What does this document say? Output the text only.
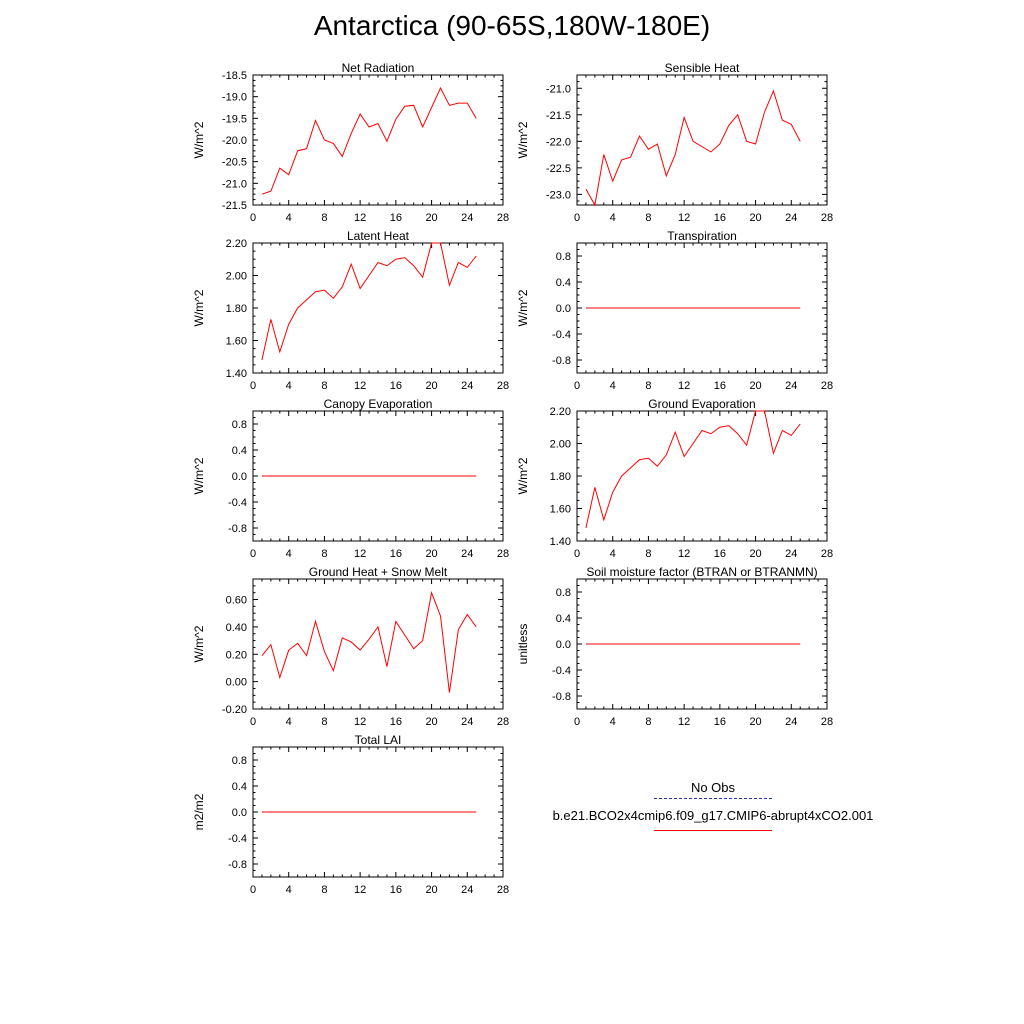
Antarctica (90-65S,180W-180E)
Net Radiation
W/m^2
0	4	8 12 16 20 24 28
-21.5
-21.0
-20.5
-20.0
-19.5
-19.0
-18.5
Sensible Heat
W/m^2
0	4	8 12 16 20 24 28
-23.0
-22.5
-22.0
-21.5
-21.0
Latent Heat
W/m^2
0	4	8 12 16 20 24 28
1.40
1.60
1.80
2.00
2.20
Transpiration
W/m^2
0	4	8 12 16 20 24 28
-0.8
-0.4
0.0
0.4
0.8
Canopy Evaporation
W/m^2
0	4	8 12 16 20 24 28
-0.8
-0.4
0.0
0.4
0.8
Ground Evaporation
W/m^2
0	4	8 12 16 20 24 28
1.40
1.60
1.80
2.00
2.20
Ground Heat + Snow Melt
W/m^2
0	4	8 12 16 20 24 28
-0.20
0.00
0.20
0.40
0.60
Soil moisture factor (BTRAN or BTRANMN)
unitless
0	4	8 12 16 20 24 28
-0.8
-0.4
0.0
0.4
0.8
Total LAI
m2/m2
0	4	8 12 16 20 24 28
-0.8
-0.4
0.0
0.4
0.8
No Obs
b.e21.BCO2x4cmip6.f09_g17.CMIP6-abrupt4xCO2.001
